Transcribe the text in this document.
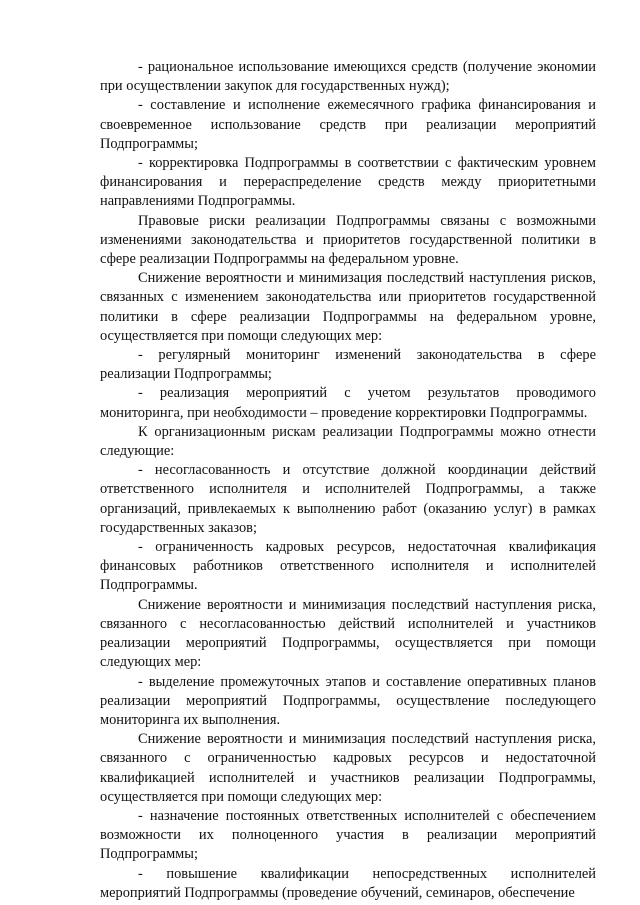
- рациональное использование имеющихся средств (получение экономии при осуществлении закупок для государственных нужд);

- составление и исполнение ежемесячного графика финансирования и своевременное использование средств при реализации мероприятий Подпрограммы;

- корректировка Подпрограммы в соответствии с фактическим уровнем финансирования и перераспределение средств между приоритетными направлениями Подпрограммы.

Правовые риски реализации Подпрограммы связаны с возможными изменениями законодательства и приоритетов государственной политики в сфере реализации Подпрограммы на федеральном уровне.

Снижение вероятности и минимизация последствий наступления рисков, связанных с изменением законодательства или приоритетов государственной политики в сфере реализации Подпрограммы на федеральном уровне, осуществляется при помощи следующих мер:

- регулярный мониторинг изменений законодательства в сфере реализации Подпрограммы;

- реализация мероприятий с учетом результатов проводимого мониторинга, при необходимости – проведение корректировки Подпрограммы.

К организационным рискам реализации Подпрограммы можно отнести следующие:

- несогласованность и отсутствие должной координации действий ответственного исполнителя и исполнителей Подпрограммы, а также организаций, привлекаемых к выполнению работ (оказанию услуг) в рамках государственных заказов;

- ограниченность кадровых ресурсов, недостаточная квалификация финансовых работников ответственного исполнителя и исполнителей Подпрограммы.

Снижение вероятности и минимизация последствий наступления риска, связанного с несогласованностью действий исполнителей и участников реализации мероприятий Подпрограммы, осуществляется при помощи следующих мер:

- выделение промежуточных этапов и составление оперативных планов реализации мероприятий Подпрограммы, осуществление последующего мониторинга их выполнения.

Снижение вероятности и минимизация последствий наступления риска, связанного с ограниченностью кадровых ресурсов и недостаточной квалификацией исполнителей и участников реализации Подпрограммы, осуществляется при помощи следующих мер:

- назначение постоянных ответственных исполнителей с обеспечением возможности их полноценного участия в реализации мероприятий Подпрограммы;

- повышение квалификации непосредственных исполнителей мероприятий Подпрограммы (проведение обучений, семинаров, обеспечение
